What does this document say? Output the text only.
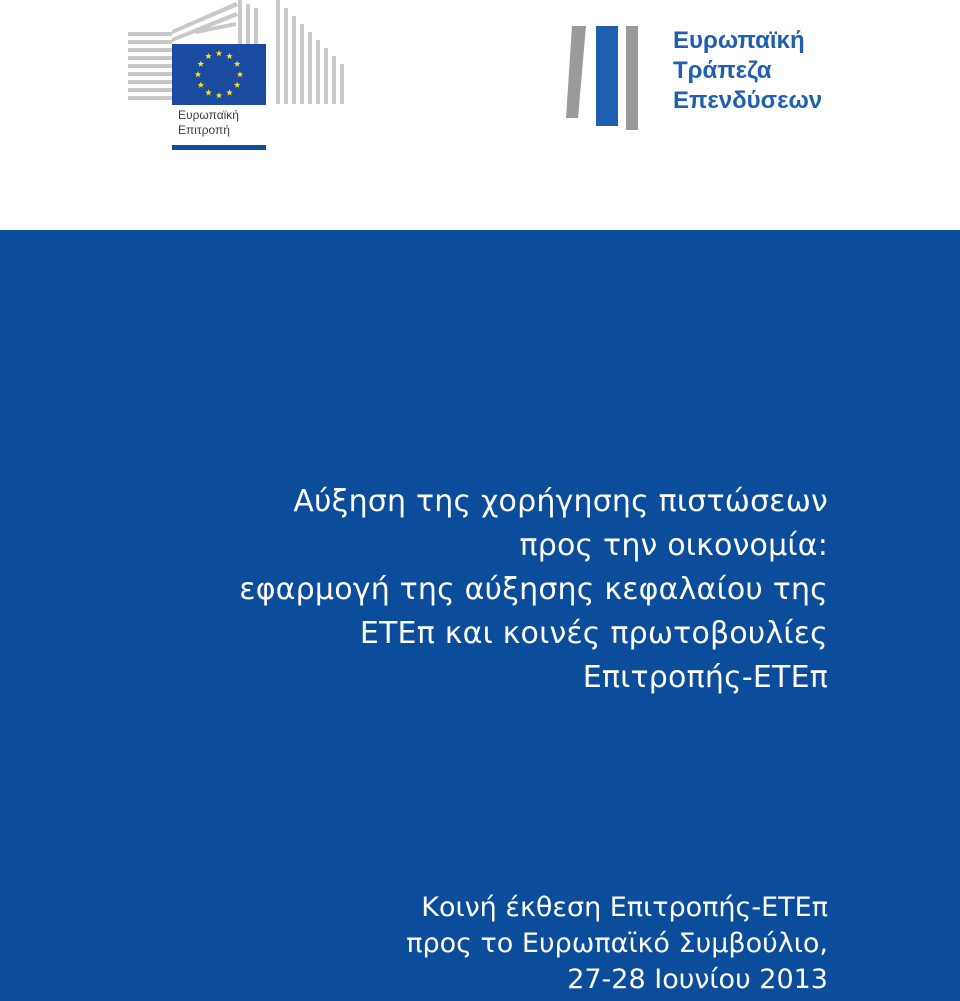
Ευρωπαϊκή
Επιτροπή
Ευρωπαϊκή
Τράπεζα
Επενδύσεων
Αύξηση της χορήγησης πιστώσεων
προς την οικονομία:
εφαρμογή της αύξησης κεφαλαίου της
ΕΤΕπ και κοινές πρωτοβουλίες
Επιτροπής-ΕΤΕπ
Κοινή έκθεση Επιτροπής-ΕΤΕπ
προς το Ευρωπαϊκό Συμβούλιο,
27-28 Ιουνίου 2013
